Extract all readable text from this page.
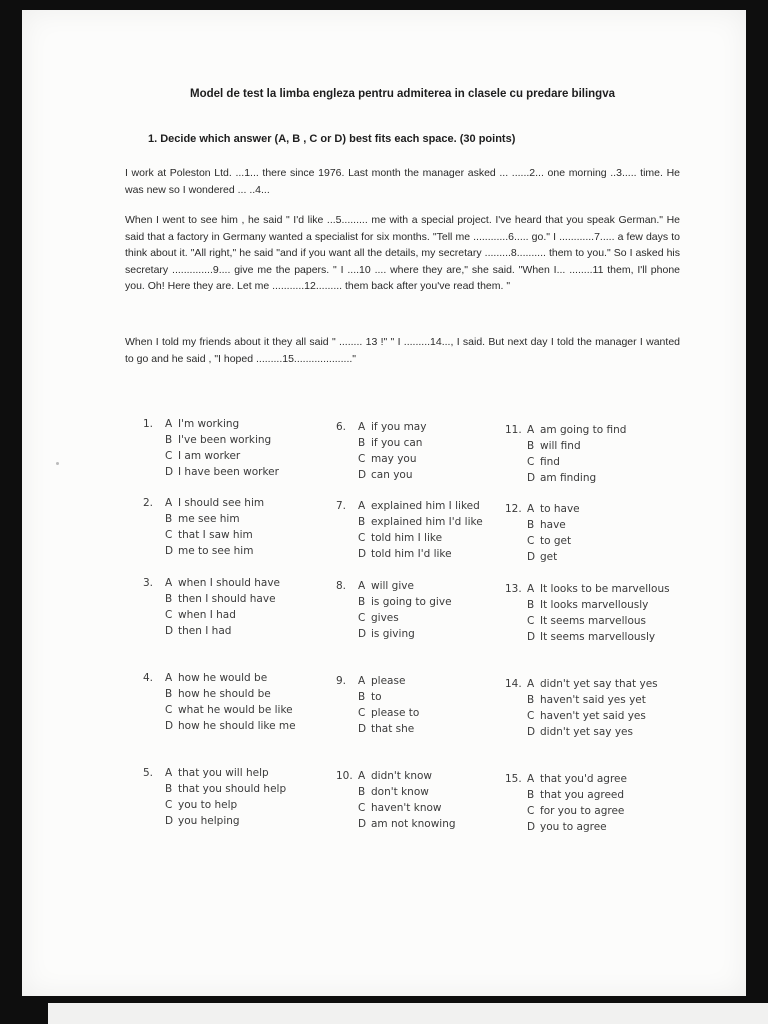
Model de test la limba engleza pentru admiterea in clasele cu predare bilingva
1. Decide which answer (A, B , C or D) best fits each space. (30 points)

I work at Poleston Ltd. ...1... there since 1976. Last month the manager asked ... ......2... one morning ..3..... time. He was new so I wondered ... ..4...

When I went to see him , he said " I'd like ...5......... me with a special project. I've heard that you speak German." He said that a factory in Germany wanted a specialist for six months. "Tell me ............6..... go." I ............7..... a few days to think about it. "All right," he said "and if you want all the details, my secretary .........8.......... them to you." So I asked his secretary ..............9.... give me the papers. " I ....10 .... where they are," she said. "When I... ........11 them, I'll phone you. Oh! Here they are. Let me ...........12......... them back after you've read them. "

When I told my friends about it they all said " ........ 13 !" " I .........14..., I said. But next day I told the manager I wanted to go and he said , "I hoped .........15...................."

1.	A I'm working
B I've been working
C I am worker
D I have been worker
2.	A I should see him
B me see him
C that I saw him
D me to see him
3.	A when I should have
B then I should have
C when I had
D then I had
4.	A how he would be
B how he should be
C what he would be like
D how he should like me
5.	A that you will help
B that you should help
C you to help
D you helping
6.	A if you may
B if you can
C may you
D can you
7.	A explained him I liked
B explained him I'd like
C told him I like
D told him I'd like
8.	A will give
B is going to give
C gives
D is giving
9.	A please
B to
C please to
D that she
10. A didn't know
B don't know
C haven't know
D am not knowing
11. A am going to find
B will find
C find
D am finding
12. A to have
B have
C to get
D get
13. A It looks to be marvellous
B It looks marvellously
C It seems marvellous
D It seems marvellously
14. A didn't yet say that yes
B haven't said yes yet
C haven't yet said yes
D didn't yet say yes
15. A that you'd agree
B that you agreed
C for you to agree
D you to agree
